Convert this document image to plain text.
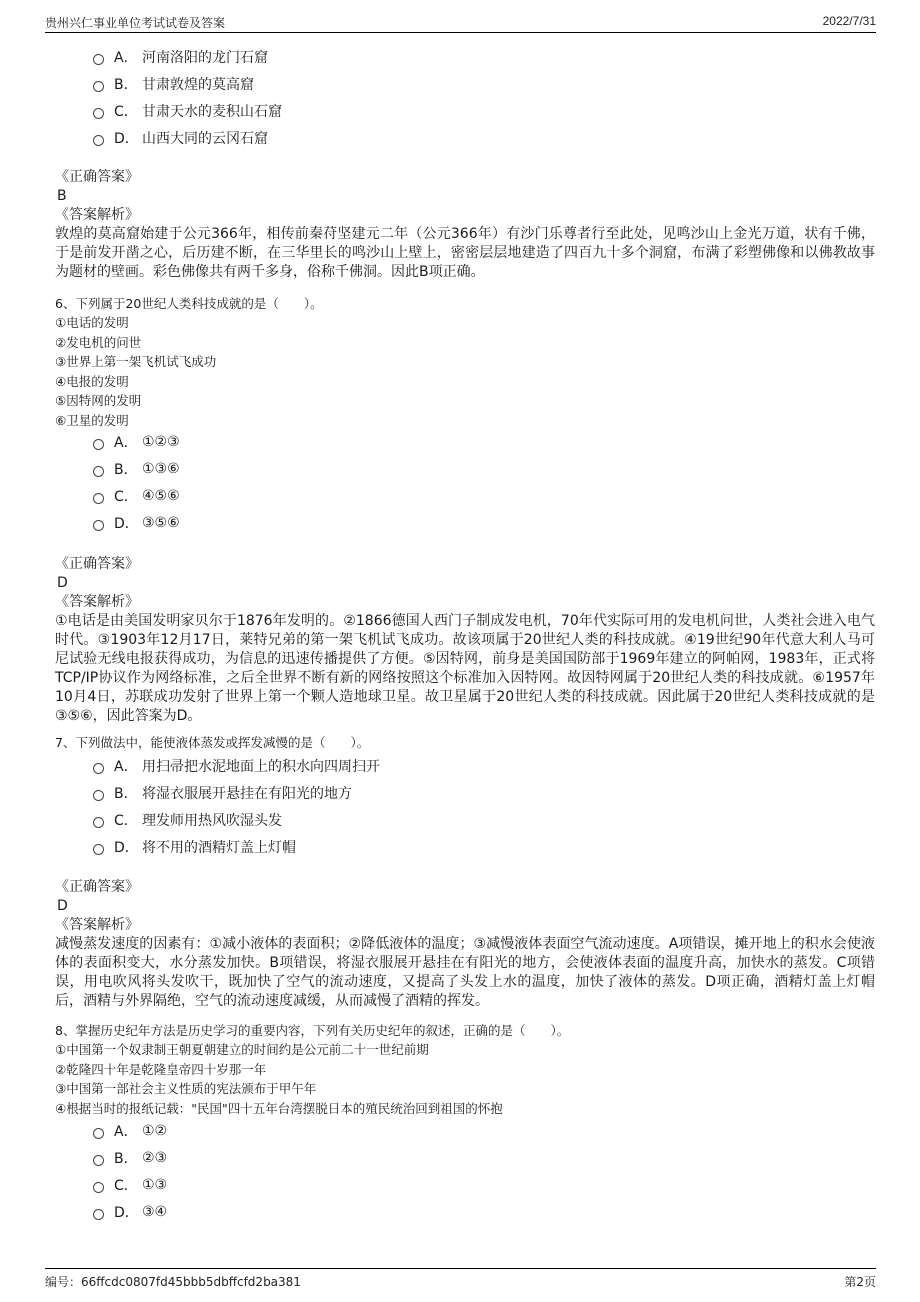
贵州兴仁事业单位考试试卷及答案	2022/7/31
A． 河南洛阳的龙门石窟
B． 甘肃敦煌的莫高窟
C． 甘肃天水的麦积山石窟
D． 山西大同的云冈石窟
《正确答案》
B
《答案解析》

敦煌的莫高窟始建于公元366年，相传前秦苻坚建元二年（公元366年）有沙门乐尊者行至此处，见鸣沙山上金光万道，状有千佛，于是前发开凿之心，后历建不断，在三华里长的鸣沙山上壁上，密密层层地建造了四百九十多个洞窟，布满了彩塑佛像和以佛教故事为题材的壁画。彩色佛像共有两千多身，俗称千佛洞。因此B项正确。

6、下列属于20世纪人类科技成就的是（　　）。

①电话的发明
②发电机的问世
③世界上第一架飞机试飞成功
④电报的发明
⑤因特网的发明
⑥卫星的发明
A． ①②③
B． ①③⑥
C． ④⑤⑥
D． ③⑤⑥
《正确答案》
D
《答案解析》

①电话是由美国发明家贝尔于1876年发明的。②1866德国人西门子制成发电机，70年代实际可用的发电机问世，人类社会进入电气时代。③1903年12月17日，莱特兄弟的第一架飞机试飞成功。故该项属于20世纪人类的科技成就。④19世纪90年代意大利人马可尼试验无线电报获得成功，为信息的迅速传播提供了方便。⑤因特网，前身是美国国防部于1969年建立的阿帕网，1983年，正式将TCP/IP协议作为网络标准，之后全世界不断有新的网络按照这个标准加入因特网。故因特网属于20世纪人类的科技成就。⑥1957年10月4日，苏联成功发射了世界上第一个颗人造地球卫星。故卫星属于20世纪人类的科技成就。因此属于20世纪人类科技成就的是③⑤⑥，因此答案为D。

7、下列做法中，能使液体蒸发或挥发减慢的是（　　）。

A． 用扫帚把水泥地面上的积水向四周扫开
B． 将湿衣服展开悬挂在有阳光的地方
C． 理发师用热风吹湿头发
D． 将不用的酒精灯盖上灯帽
《正确答案》
D
《答案解析》

减慢蒸发速度的因素有：①减小液体的表面积；②降低液体的温度；③减慢液体表面空气流动速度。A项错误，摊开地上的积水会使液体的表面积变大，水分蒸发加快。B项错误，将湿衣服展开悬挂在有阳光的地方，会使液体表面的温度升高，加快水的蒸发。C项错误，用电吹风将头发吹干，既加快了空气的流动速度，又提高了头发上水的温度，加快了液体的蒸发。D项正确，酒精灯盖上灯帽后，酒精与外界隔绝，空气的流动速度减缓，从而减慢了酒精的挥发。

8、掌握历史纪年方法是历史学习的重要内容，下列有关历史纪年的叙述，正确的是（　　）。

①中国第一个奴隶制王朝夏朝建立的时间约是公元前二十一世纪前期
②乾隆四十年是乾隆皇帝四十岁那一年
③中国第一部社会主义性质的宪法颁布于甲午年
④根据当时的报纸记载："民国"四十五年台湾摆脱日本的殖民统治回到祖国的怀抱
A． ①②
B． ②③
C． ①③
D． ③④
编号：66ffcdc0807fd45bbb5dbffcfd2ba381	第2页
